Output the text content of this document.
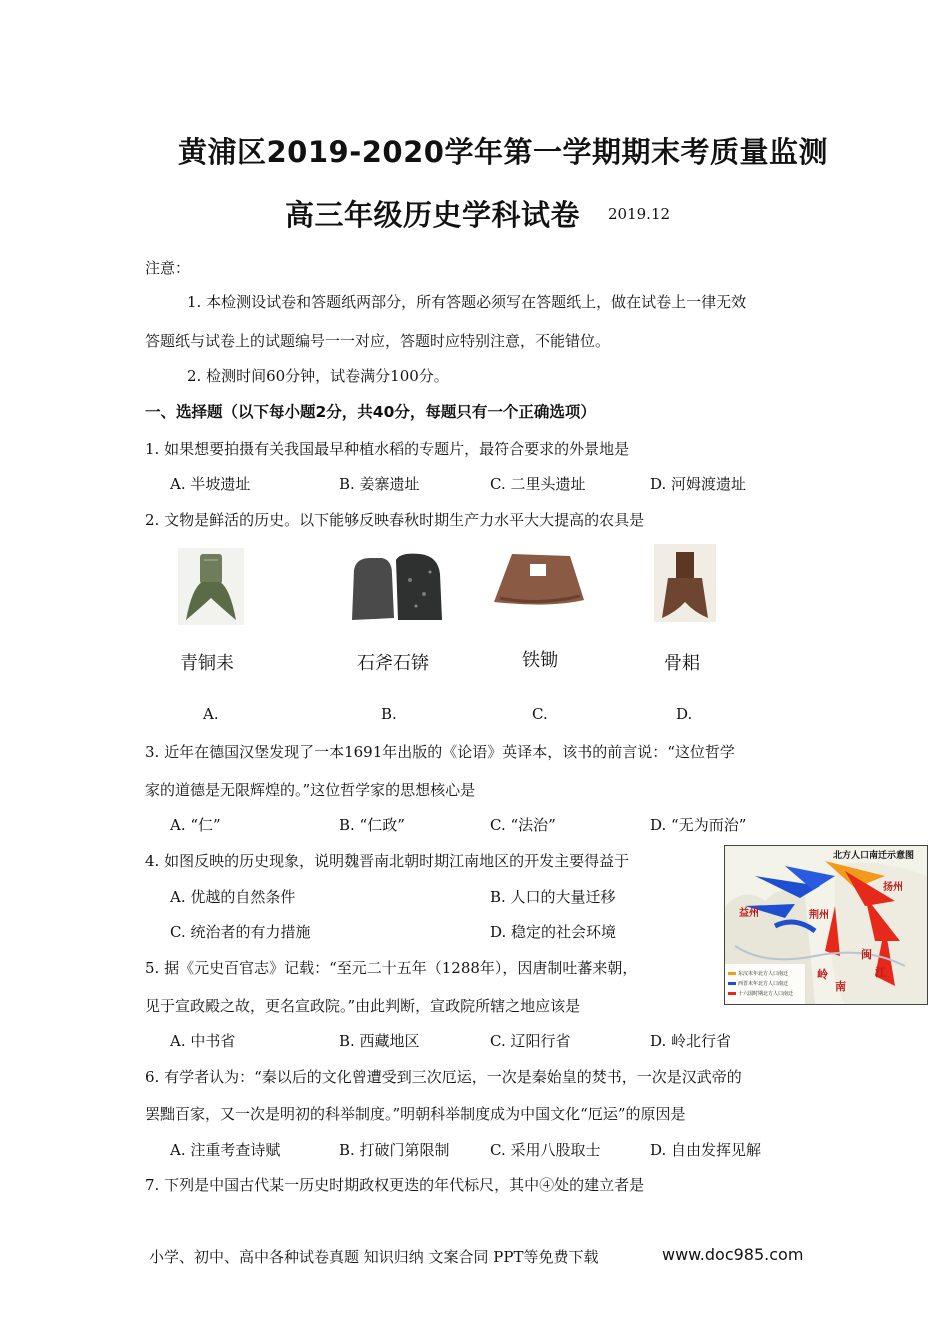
黄浦区2019-2020学年第一学期期末考质量监测
高三年级历史学科试卷 2019.12
注意：
1. 本检测设试卷和答题纸两部分，所有答题必须写在答题纸上，做在试卷上一律无效
答题纸与试卷上的试题编号一一对应，答题时应特别注意，不能错位。
2. 检测时间60分钟，试卷满分100分。
一、选择题（以下每小题2分，共40分，每题只有一个正确选项）
1. 如果想要拍摄有关我国最早种植水稻的专题片，最符合要求的外景地是
A. 半坡遗址	B. 姜寨遗址	C. 二里头遗址	D. 河姆渡遗址
2. 文物是鲜活的历史。以下能够反映春秋时期生产力水平大大提高的农具是
青铜耒	石斧石锛	铁锄	骨耜
A.	B.	C.	D.
3. 近年在德国汉堡发现了一本1691年出版的《论语》英译本，该书的前言说：“这位哲学
家的道德是无限辉煌的。”这位哲学家的思想核心是
A. “仁”	B. “仁政”	C. “法治”	D. “无为而治”
4. 如图反映的历史现象，说明魏晋南北朝时期江南地区的开发主要得益于
A. 优越的自然条件	B. 人口的大量迁移
C. 统治者的有力措施	D. 稳定的社会环境
北方人口南迁示意图
益州	荆州
扬州
岭
南
闽
江
东汉末年北方人口南迁
西晋末年北方人口南迁
十六国时期北方人口南迁
5. 据《元史百官志》记载：“至元二十五年（1288年），因唐制吐蕃来朝，
见于宣政殿之故，更名宣政院。”由此判断，宣政院所辖之地应该是
A. 中书省	B. 西藏地区	C. 辽阳行省	D. 岭北行省
6. 有学者认为：“秦以后的文化曾遭受到三次厄运，一次是秦始皇的焚书，一次是汉武帝的
罢黜百家，又一次是明初的科举制度。”明朝科举制度成为中国文化“厄运”的原因是
A. 注重考查诗赋	B. 打破门第限制	C. 采用八股取士	D. 自由发挥见解
7. 下列是中国古代某一历史时期政权更迭的年代标尺，其中④处的建立者是
小学、初中、高中各种试卷真题 知识归纳 文案合同 PPT等免费下载	www.doc985.com
